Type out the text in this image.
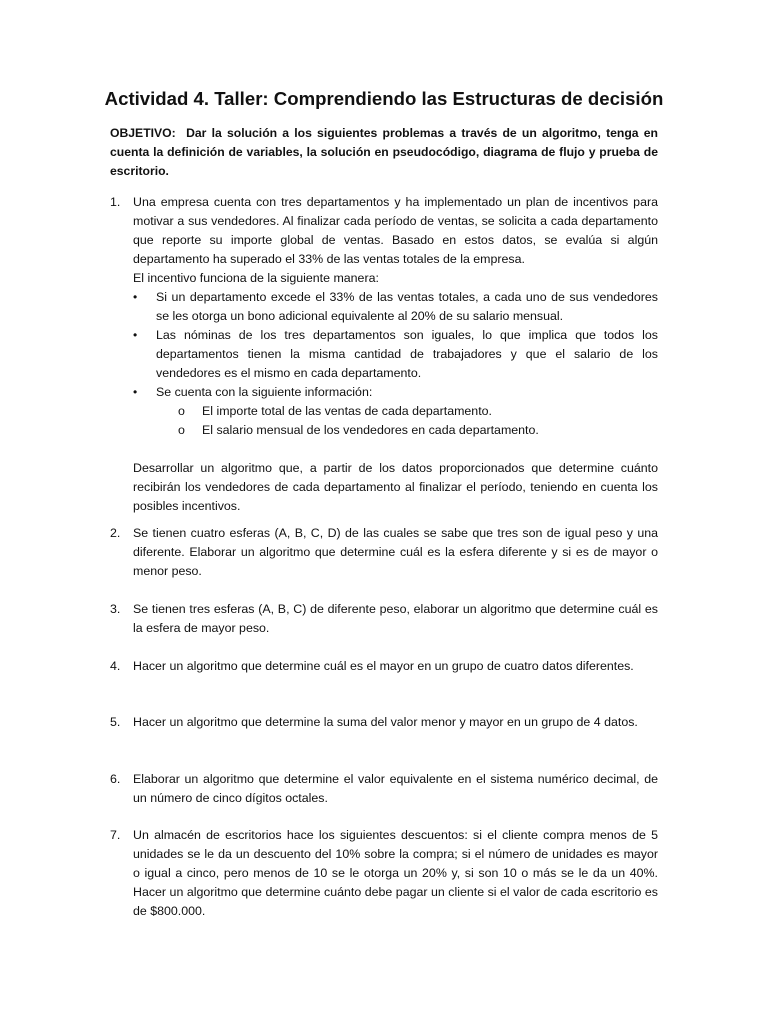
Actividad 4. Taller: Comprendiendo las Estructuras de decisión
OBJETIVO: Dar la solución a los siguientes problemas a través de un algoritmo, tenga en cuenta la definición de variables, la solución en pseudocódigo, diagrama de flujo y prueba de escritorio.
1. Una empresa cuenta con tres departamentos y ha implementado un plan de incentivos para motivar a sus vendedores. Al finalizar cada período de ventas, se solicita a cada departamento que reporte su importe global de ventas. Basado en estos datos, se evalúa si algún departamento ha superado el 33% de las ventas totales de la empresa.

El incentivo funciona de la siguiente manera:

• Si un departamento excede el 33% de las ventas totales, a cada uno de sus vendedores se les otorga un bono adicional equivalente al 20% de su salario mensual.

• Las nóminas de los tres departamentos son iguales, lo que implica que todos los departamentos tienen la misma cantidad de trabajadores y que el salario de los vendedores es el mismo en cada departamento.

• Se cuenta con la siguiente información:

o El importe total de las ventas de cada departamento.

o El salario mensual de los vendedores en cada departamento.

Desarrollar un algoritmo que, a partir de los datos proporcionados que determine cuánto recibirán los vendedores de cada departamento al finalizar el período, teniendo en cuenta los posibles incentivos.

2. Se tienen cuatro esferas (A, B, C, D) de las cuales se sabe que tres son de igual peso y una diferente. Elaborar un algoritmo que determine cuál es la esfera diferente y si es de mayor o menor peso.

3. Se tienen tres esferas (A, B, C) de diferente peso, elaborar un algoritmo que determine cuál es la esfera de mayor peso.

4. Hacer un algoritmo que determine cuál es el mayor en un grupo de cuatro datos diferentes.

5. Hacer un algoritmo que determine la suma del valor menor y mayor en un grupo de 4 datos.

6. Elaborar un algoritmo que determine el valor equivalente en el sistema numérico decimal, de un número de cinco dígitos octales.

7. Un almacén de escritorios hace los siguientes descuentos: si el cliente compra menos de 5 unidades se le da un descuento del 10% sobre la compra; si el número de unidades es mayor o igual a cinco, pero menos de 10 se le otorga un 20% y, si son 10 o más se le da un 40%. Hacer un algoritmo que determine cuánto debe pagar un cliente si el valor de cada escritorio es de $800.000.
